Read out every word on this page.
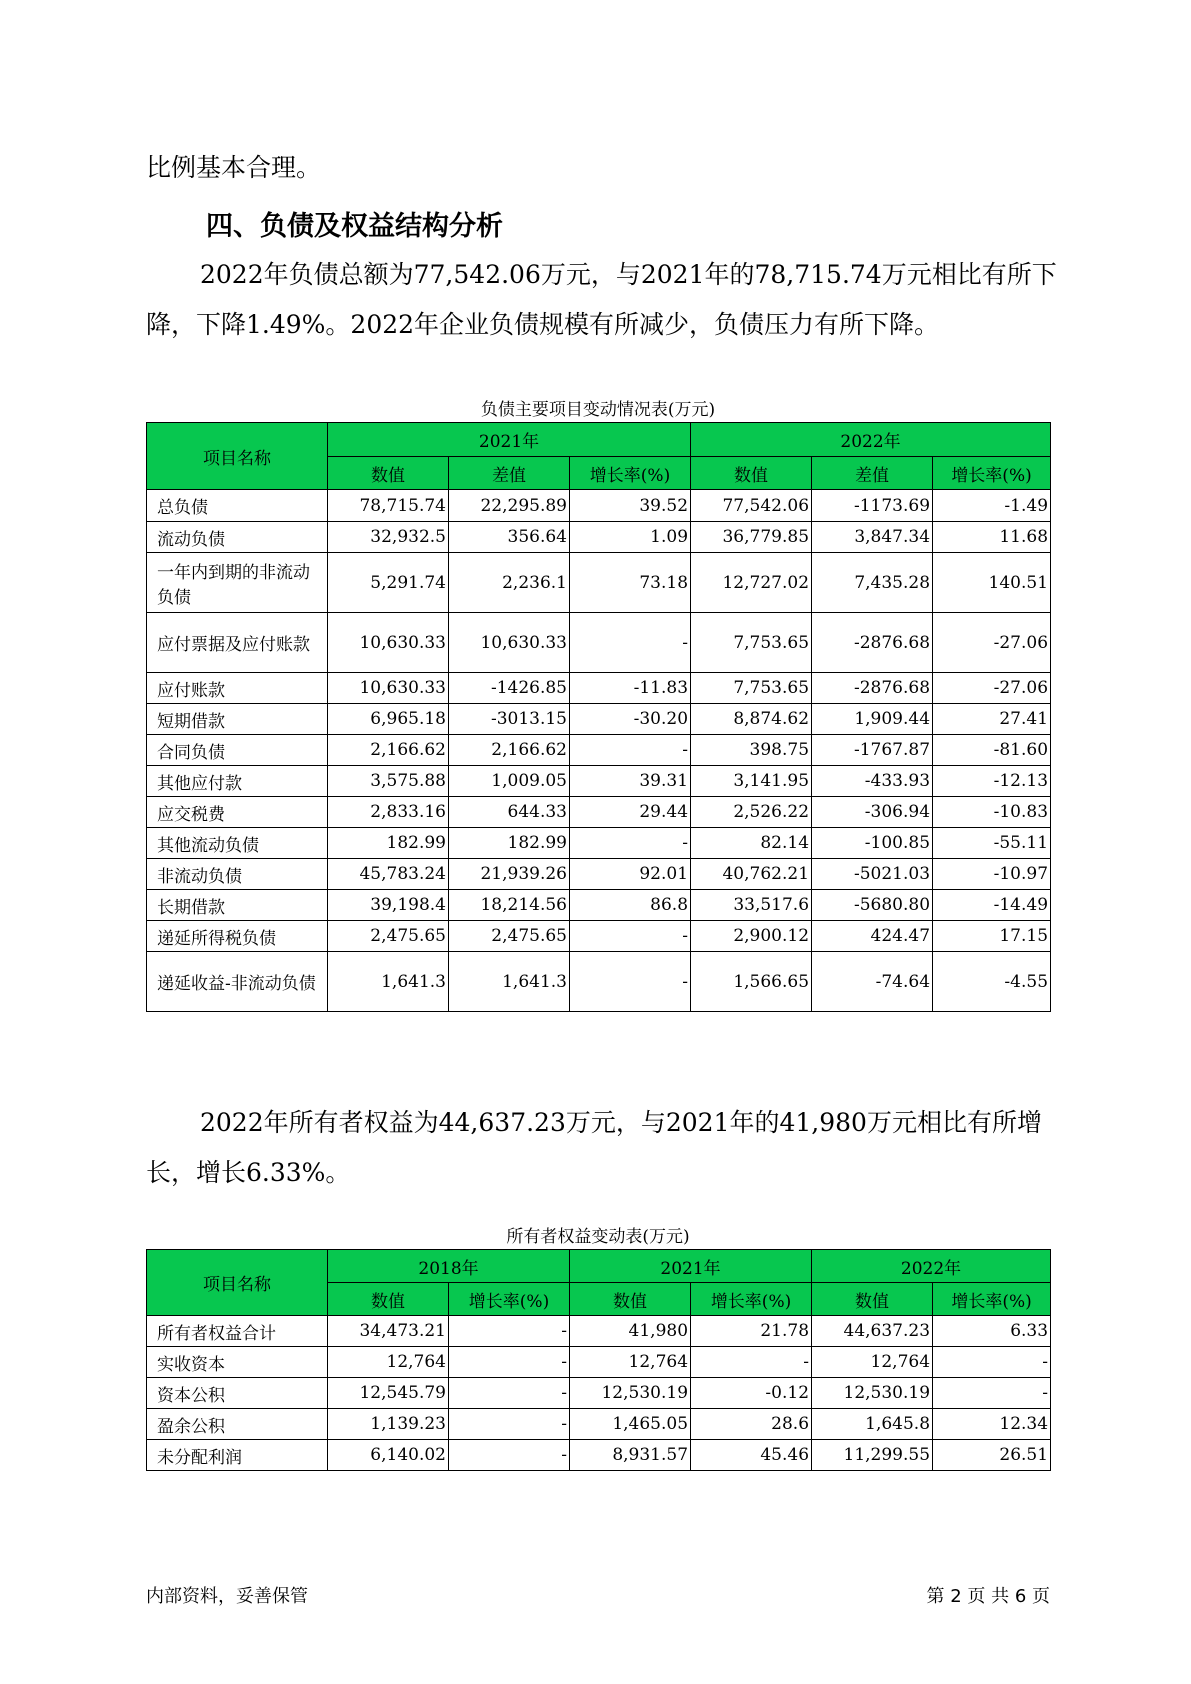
比例基本合理。

四、负债及权益结构分析

2022年负债总额为77,542.06万元，与2021年的78,715.74万元相比有所下降，下降1.49%。2022年企业负债规模有所减少，负债压力有所下降。

负债主要项目变动情况表(万元)
项目名称	2021年			2022年		
	数值	差值	增长率(%)	数值	差值	增长率(%)
总负债	78,715.74	22,295.89	39.52	77,542.06	-1173.69	-1.49
流动负债	32,932.5	356.64	1.09	36,779.85	3,847.34	11.68
一年内到期的非流动负债	5,291.74	2,236.1	73.18	12,727.02	7,435.28	140.51
应付票据及应付账款	10,630.33	10,630.33	-	7,753.65	-2876.68	-27.06
应付账款	10,630.33	-1426.85	-11.83	7,753.65	-2876.68	-27.06
短期借款	6,965.18	-3013.15	-30.20	8,874.62	1,909.44	27.41
合同负债	2,166.62	2,166.62	-	398.75	-1767.87	-81.60
其他应付款	3,575.88	1,009.05	39.31	3,141.95	-433.93	-12.13
应交税费	2,833.16	644.33	29.44	2,526.22	-306.94	-10.83
其他流动负债	182.99	182.99	-	82.14	-100.85	-55.11
非流动负债	45,783.24	21,939.26	92.01	40,762.21	-5021.03	-10.97
长期借款	39,198.4	18,214.56	86.8	33,517.6	-5680.80	-14.49
递延所得税负债	2,475.65	2,475.65	-	2,900.12	424.47	17.15
递延收益-非流动负债	1,641.3	1,641.3	-	1,566.65	-74.64	-4.55

2022年所有者权益为44,637.23万元，与2021年的41,980万元相比有所增长，增长6.33%。

所有者权益变动表(万元)
项目名称	2018年		2021年		2022年	
	数值	增长率(%)	数值	增长率(%)	数值	增长率(%)
所有者权益合计	34,473.21	-	41,980	21.78	44,637.23	6.33
实收资本	12,764	-	12,764	-	12,764	-
资本公积	12,545.79	-	12,530.19	-0.12	12,530.19	-
盈余公积	1,139.23	-	1,465.05	28.6	1,645.8	12.34
未分配利润	6,140.02	-	8,931.57	45.46	11,299.55	26.51
内部资料，妥善保管	第 2 页 共 6 页
